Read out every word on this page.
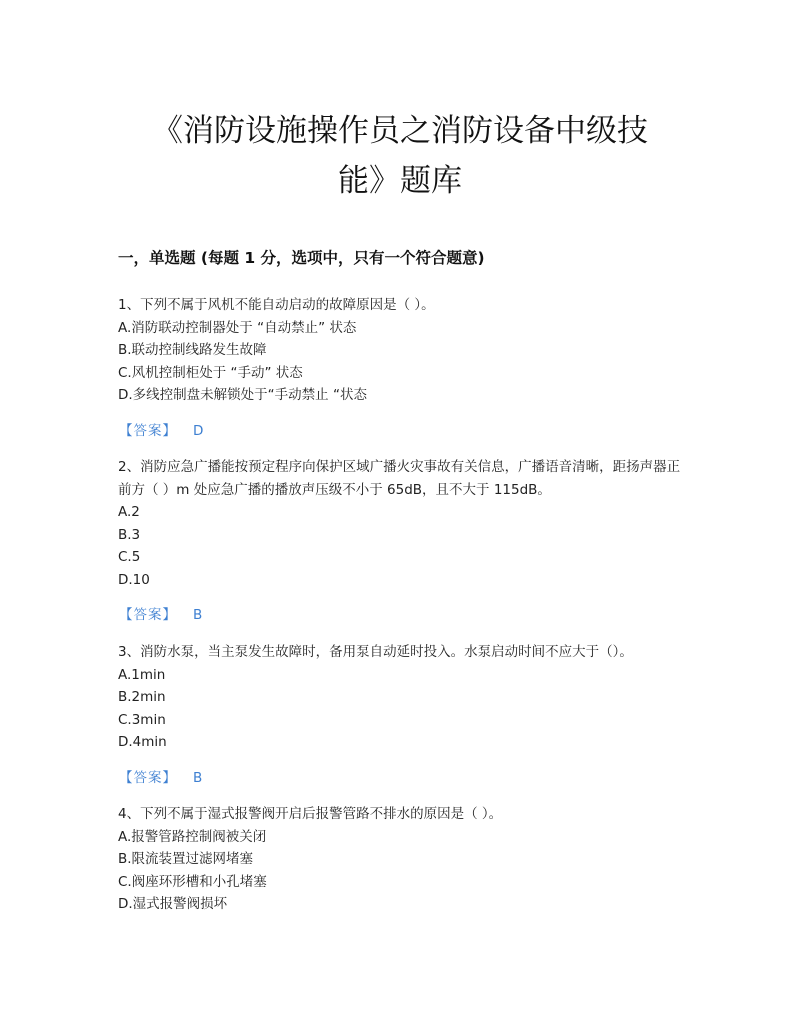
《消防设施操作员之消防设备中级技
能》题库
一，单选题 (每题 1 分，选项中，只有一个符合题意)

1、下列不属于风机不能自动启动的故障原因是（ ）。

A.消防联动控制器处于 “自动禁止” 状态

B.联动控制线路发生故障

C.风机控制柜处于 “手动” 状态

D.多线控制盘未解锁处于“手动禁止 “状态

【答案】 D

2、消防应急广播能按预定程序向保护区域广播火灾事故有关信息，广播语音清晰，距扬声器正前方（ ）m 处应急广播的播放声压级不小于 65dB，且不大于 115dB。

A.2

B.3

C.5

D.10

【答案】 B

3、消防水泵，当主泵发生故障时，备用泵自动延时投入。水泵启动时间不应大于（）。

A.1min

B.2min

C.3min

D.4min

【答案】 B

4、下列不属于湿式报警阀开启后报警管路不排水的原因是（ ）。

A.报警管路控制阀被关闭

B.限流装置过滤网堵塞

C.阀座环形槽和小孔堵塞

D.湿式报警阀损坏
